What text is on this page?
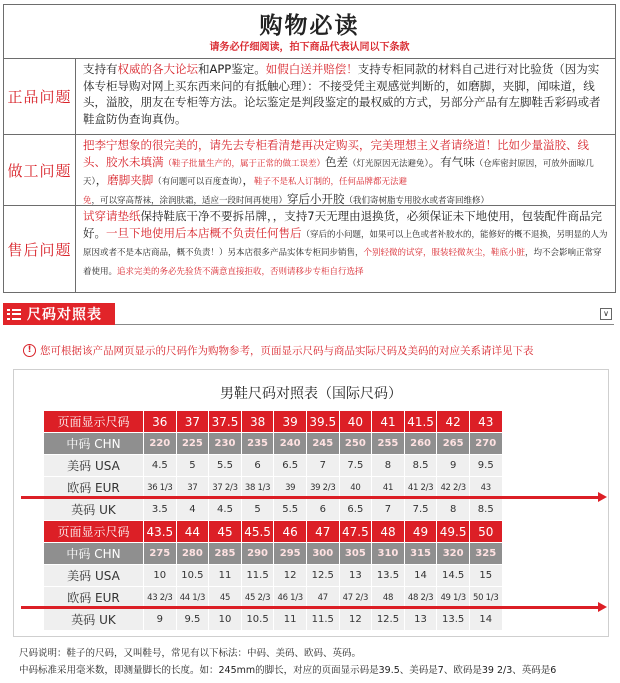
购物必读
请务必仔细阅读，拍下商品代表认同以下条款
正品问题
支持有权威的各大论坛和APP鉴定。如假白送并赔偿！支持专柜同款的材料自己进行对比验货（因为实体专柜导购对网上买东西来问的有抵触心理）：不接受凭主观感觉判断的，如磨脚，夹脚，闻味道，线头，溢胶，朋友在专柜等方法。论坛鉴定是判段鉴定的最权威的方式，另部分产品有左脚鞋舌彩码或者鞋盒防伪查询真伪。
做工问题
把李宁想象的很完美的，请先去专柜看清楚再决定购买，完美理想主义者请绕道！比如少量溢胶、线头、胶水未填满（鞋子批量生产的，属于正常的做工误差）色差（灯光原因无法避免）。有气味（仓库密封原因，可放外面晾几天），磨脚夹脚（有问题可以百度查询），鞋子不是私人订制的，任何品牌都无法避免，可以穿高帮袜，涂润肤霜，适应一段时间再使用）穿后小开胶（我们寄树脂专用胶水或者寄回维修）
售后问题
试穿请垫纸保持鞋底干净不要拆吊牌，，支持7天无理由退换货，必须保证未下地使用，包装配件商品完好。一旦下地使用后本店概不负责任何售后（穿后的小问题，如果可以上色或者补胶水的，能修好的概不退换，另明显的人为原因或者不是本店商品，概不负责！）另本店很多产品实体专柜同步销售，个别轻微的试穿，服装轻微灰尘，鞋底小脏，均不会影响正常穿着使用。追求完美的务必先验货不满意直接拒收，否则请移步专柜自行选择
尺码对照表	∨
! 您可根据该产品网页显示的尺码作为购物参考，页面显示尺码与商品实际尺码及美码的对应关系请详见下表
男鞋尺码对照表（国际尺码）
页面显示尺码	36	37	37.5	38	39	39.5	40	41	41.5	42	43
中码 CHN	220	225	230	235	240	245	250	255	260	265	270
美码 USA	4.5	5	5.5	6	6.5	7	7.5	8	8.5	9	9.5
欧码 EUR	36 1/3	37	37 2/3	38 1/3	39	39 2/3	40	41	41 2/3	42 2/3	43
英码 UK	3.5	4	4.5	5	5.5	6	6.5	7	7.5	8	8.5
页面显示尺码	43.5	44	45	45.5	46	47	47.5	48	49	49.5	50
中码 CHN	275	280	285	290	295	300	305	310	315	320	325
美码 USA	10	10.5	11	11.5	12	12.5	13	13.5	14	14.5	15
欧码 EUR	43 2/3	44 1/3	45	45 2/3	46 1/3	47	47 2/3	48	48 2/3	49 1/3	50 1/3
英码 UK	9	9.5	10	10.5	11	11.5	12	12.5	13	13.5	14
尺码说明：鞋子的尺码，又叫鞋号，常见有以下标法：中码、美码、欧码、英码。
中码标准采用毫米数，即测量脚长的长度。如：245mm的脚长，对应的页面显示码是39.5、美码是7、欧码是39 2/3、英码是6
